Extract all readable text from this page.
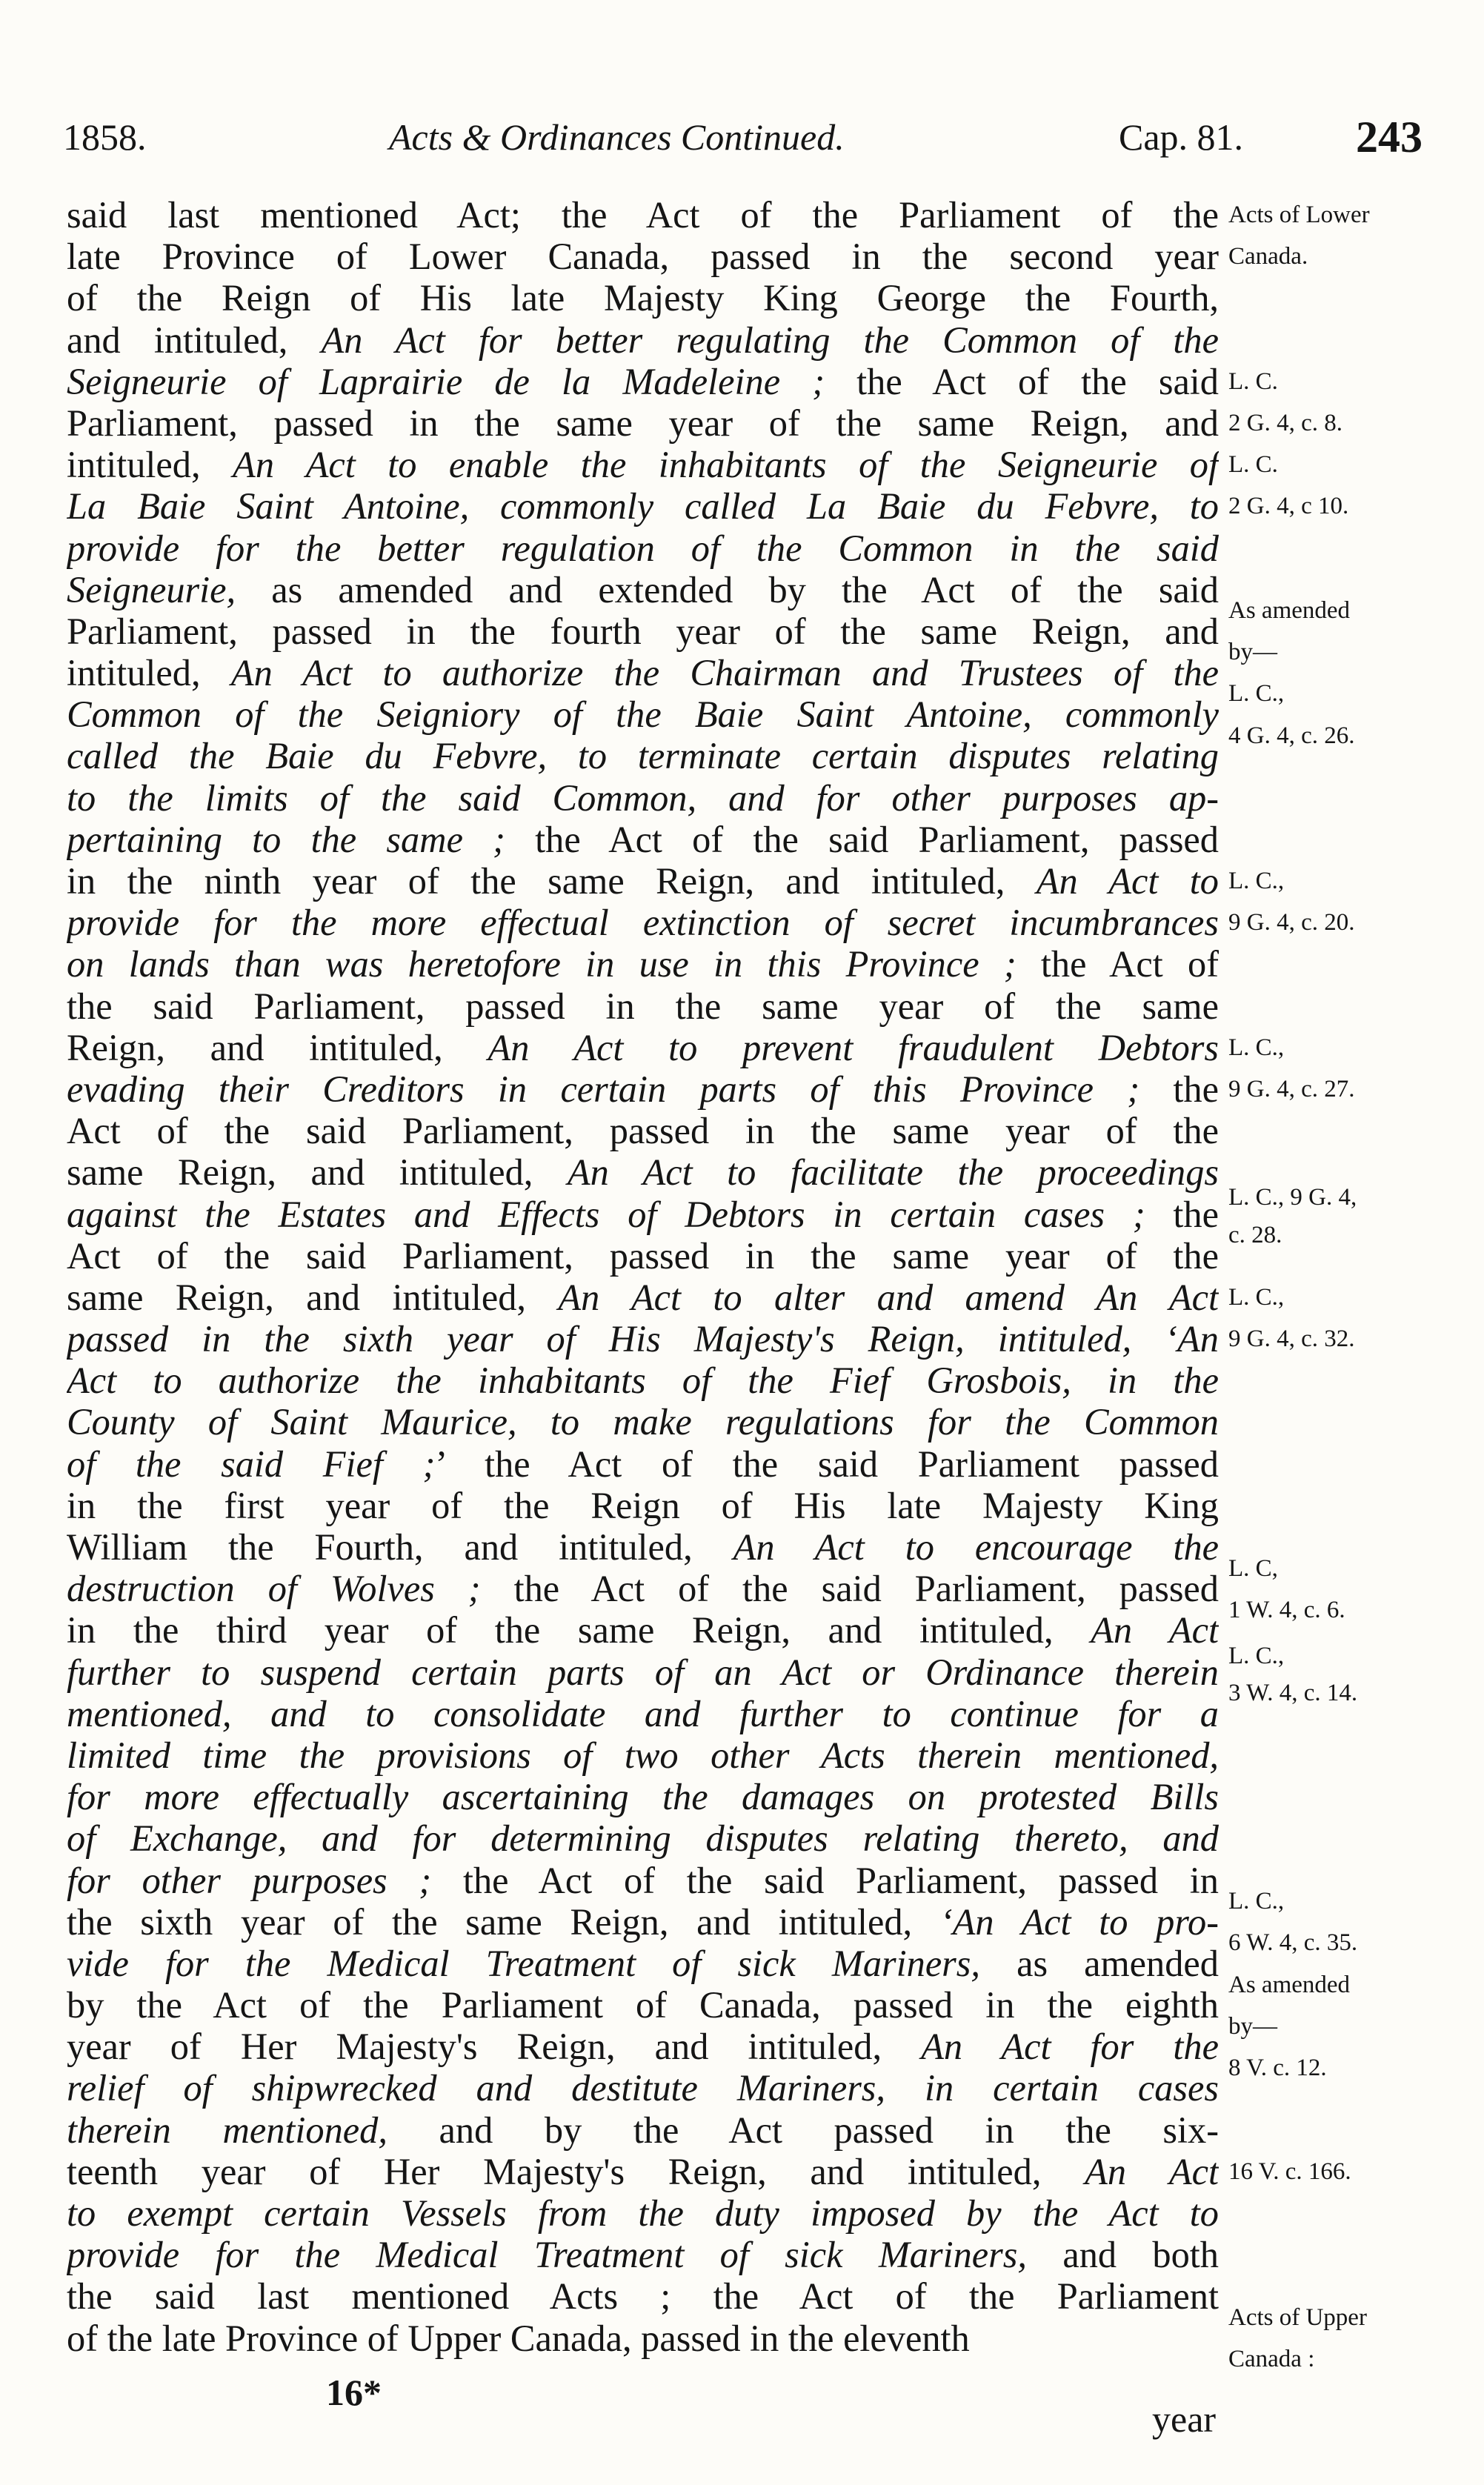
1858.	Acts & Ordinances Continued.	Cap. 81.	243
said last mentioned Act; the Act of the Parliament of the
late Province of Lower Canada, passed in the second year
of the Reign of His late Majesty King George the Fourth,
and intituled, An Act for better regulating the Common of the
Seigneurie of Laprairie de la Madeleine ; the Act of the said
Parliament, passed in the same year of the same Reign, and
intituled, An Act to enable the inhabitants of the Seigneurie of
La Baie Saint Antoine, commonly called La Baie du Febvre, to
provide for the better regulation of the Common in the said
Seigneurie, as amended and extended by the Act of the said
Parliament, passed in the fourth year of the same Reign, and
intituled, An Act to authorize the Chairman and Trustees of the
Common of the Seigniory of the Baie Saint Antoine, commonly
called the Baie du Febvre, to terminate certain disputes relating
to the limits of the said Common, and for other purposes ap-
pertaining to the same ; the Act of the said Parliament, passed
in the ninth year of the same Reign, and intituled, An Act to
provide for the more effectual extinction of secret incumbrances
on lands than was heretofore in use in this Province ; the Act of
the said Parliament, passed in the same year of the same
Reign, and intituled, An Act to prevent fraudulent Debtors
evading their Creditors in certain parts of this Province ; the
Act of the said Parliament, passed in the same year of the
same Reign, and intituled, An Act to facilitate the proceedings
against the Estates and Effects of Debtors in certain cases ; the
Act of the said Parliament, passed in the same year of the
same Reign, and intituled, An Act to alter and amend An Act
passed in the sixth year of His Majesty's Reign, intituled, ‘An
Act to authorize the inhabitants of the Fief Grosbois, in the
County of Saint Maurice, to make regulations for the Common
of the said Fief ;’ the Act of the said Parliament passed
in the first year of the Reign of His late Majesty King
William the Fourth, and intituled, An Act to encourage the
destruction of Wolves ; the Act of the said Parliament, passed
in the third year of the same Reign, and intituled, An Act
further to suspend certain parts of an Act or Ordinance therein
mentioned, and to consolidate and further to continue for a
limited time the provisions of two other Acts therein mentioned,
for more effectually ascertaining the damages on protested Bills
of Exchange, and for determining disputes relating thereto, and
for other purposes ; the Act of the said Parliament, passed in
the sixth year of the same Reign, and intituled, ‘An Act to pro-
vide for the Medical Treatment of sick Mariners, as amended
by the Act of the Parliament of Canada, passed in the eighth
year of Her Majesty's Reign, and intituled, An Act for the
relief of shipwrecked and destitute Mariners, in certain cases
therein mentioned, and by the Act passed in the six-
teenth year of Her Majesty's Reign, and intituled, An Act
to exempt certain Vessels from the duty imposed by the Act to
provide for the Medical Treatment of sick Mariners, and both
the said last mentioned Acts ; the Act of the Parliament
of the late Province of Upper Canada, passed in the eleventh
Acts of Lower
Canada.
L. C.
2 G. 4, c. 8.
L. C.
2 G. 4, c 10.
As amended
by—
L. C.,
4 G. 4, c. 26.
L. C.,
9 G. 4, c. 20.
L. C.,
9 G. 4, c. 27.
L. C., 9 G. 4,
c. 28.
L. C.,
9 G. 4, c. 32.
L. C,
1 W. 4, c. 6.
L. C.,
3 W. 4, c. 14.
L. C.,
6 W. 4, c. 35.
As amended
by—
8 V. c. 12.
16 V. c. 166.
Acts of Upper
Canada :
16*
year
